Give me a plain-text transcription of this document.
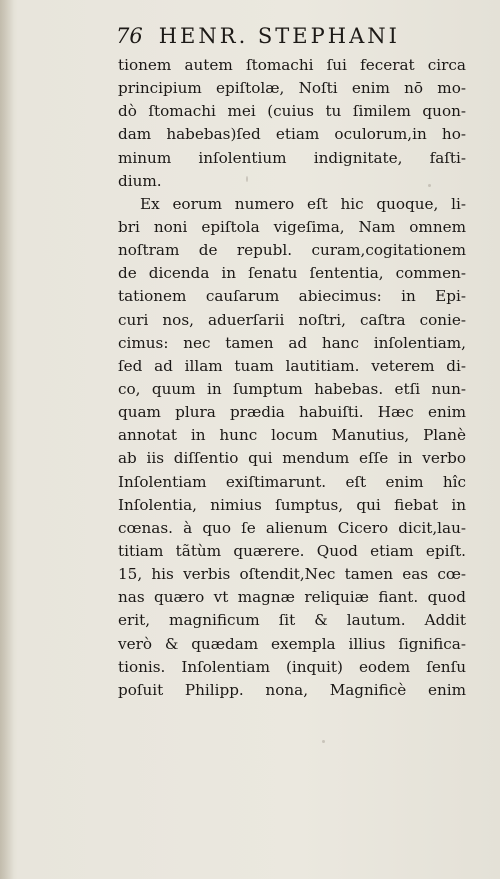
76 HENR. STEPHANI
tionem autem ſtomachi ſui fecerat circa
principium epiſtolæ, Noſti enim nō mo-
dò ſtomachi mei (cuius tu ſimilem quon-
dam habebas)ſed etiam oculorum,in ho-
minum inſolentium indignitate, faſti-
dium.
Ex eorum numero eſt hic quoque, li-
bri noni epiſtola vigeſima, Nam omnem
noſtram de republ. curam,cogitationem
de dicenda in ſenatu ſententia, commen-
tationem cauſarum abiecimus: in Epi-
curi nos, aduerſarii noſtri, caſtra conie-
cimus: nec tamen ad hanc inſolentiam,
ſed ad illam tuam lautitiam. veterem di-
co, quum in ſumptum habebas. etſi nun-
quam plura prædia habuiſti. Hæc enim
annotat in hunc locum Manutius, Planè
ab iis diſſentio qui mendum eſſe in verbo
Inſolentiam exiſtimarunt. eſt enim hîc
Inſolentia, nimius ſumptus, qui fiebat in
cœnas. à quo ſe alienum Cicero dicit,lau-
titiam tãtùm quærere. Quod etiam epiſt.
15, his verbis oſtendit,Nec tamen eas cœ-
nas quæro vt magnæ reliquiæ fiant. quod
erit, magnificum ſit & lautum. Addit
verò & quædam exempla illius ſignifica-
tionis. Inſolentiam (inquit) eodem ſenſu
poſuit Philipp. nona, Magnificè enim
